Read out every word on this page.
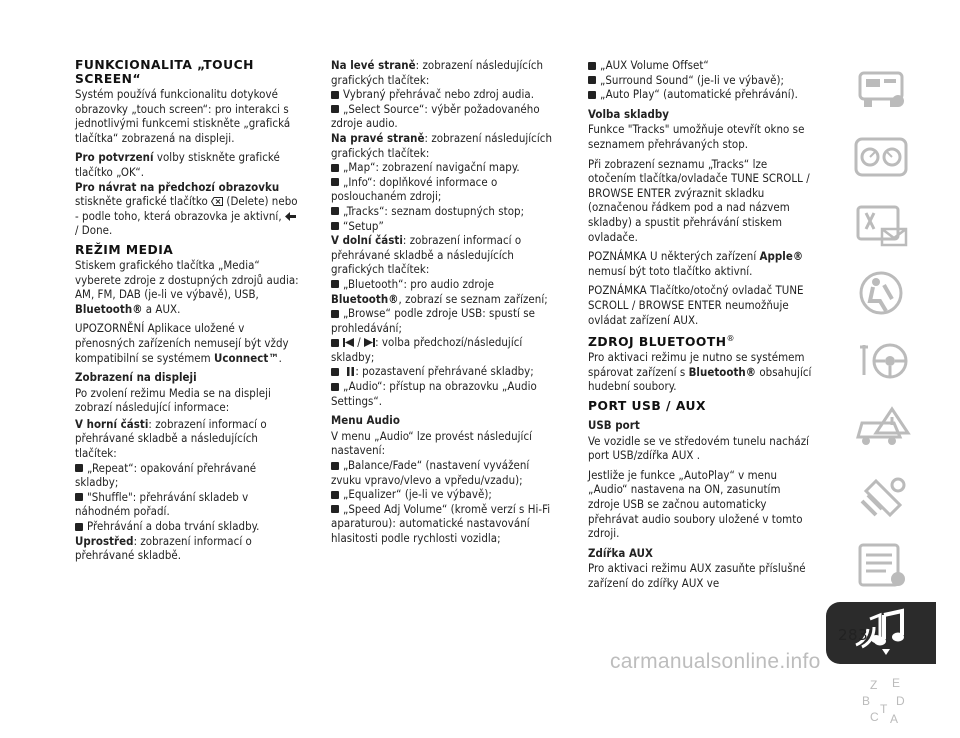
FUNKCIONALITA „TOUCH SCREEN“

Systém používá funkcionalitu dotykové obrazovky „touch screen“: pro interakci s jednotlivými funkcemi stiskněte „grafická tlačítka“ zobrazená na displeji.

Pro potvrzení volby stiskněte grafické tlačítko „OK“.

Pro návrat na předchozí obrazovku

stiskněte grafické tlačítko  (Delete) nebo - podle toho, která obrazovka je aktivní,  / Done.

REŽIM MEDIA

Stiskem grafického tlačítka „Media“ vyberete zdroje z dostupných zdrojů audia: AM, FM, DAB (je-li ve výbavě), USB, Bluetooth® a AUX.

UPOZORNĚNÍ Aplikace uložené v přenosných zařízeních nemusejí být vždy kompatibilní se systémem Uconnect™.

Zobrazení na displeji

Po zvolení režimu Media se na displeji zobrazí následující informace:

V horní části: zobrazení informací o přehrávané skladbě a následujících tlačítek:
„Repeat“: opakování přehrávané skladby;
"Shuffle": přehrávání skladeb v náhodném pořadí.
Přehrávání a doba trvání skladby.
Uprostřed: zobrazení informací o přehrávané skladbě.
Na levé straně: zobrazení následujících grafických tlačítek:
Vybraný přehrávač nebo zdroj audia.
„Select Source“: výběr požadovaného zdroje audio.
Na pravé straně: zobrazení následujících grafických tlačítek:
„Map“: zobrazení navigační mapy.
„Info“: doplňkové informace o poslouchaném zdroji;
„Tracks“: seznam dostupných stop;
“Setup”
V dolní části: zobrazení informací o přehrávané skladbě a následujících grafických tlačítek:
„Bluetooth“: pro audio zdroje
Bluetooth®, zobrazí se seznam zařízení;
„Browse“ podle zdroje USB: spustí se prohledávání;
/ : volba předchozí/následující skladby;
: pozastavení přehrávané skladby;
„Audio“: přístup na obrazovku „Audio Settings“.
Menu Audio
V menu „Audio“ lze provést následující nastavení:
„Balance/Fade“ (nastavení vyvážení zvuku vpravo/vlevo a vpředu/vzadu);
„Equalizer“ (je-li ve výbavě);
„Speed Adj Volume“ (kromě verzí s Hi-Fi aparaturou): automatické nastavování hlasitosti podle rychlosti vozidla;
„AUX Volume Offset“
„Surround Sound“ (je-li ve výbavě);
„Auto Play“ (automatické přehrávání).
Volba skladby

Funkce "Tracks" umožňuje otevřít okno se seznamem přehrávaných stop.

Při zobrazení seznamu „Tracks“ lze otočením tlačítka/ovladače TUNE SCROLL / BROWSE ENTER zvýraznit skladku (označenou řádkem pod a nad názvem skladby) a spustit přehrávání stiskem ovladače.

POZNÁMKA U některých zařízení Apple® nemusí být toto tlačítko aktivní.

POZNÁMKA Tlačítko/otočný ovladač TUNE SCROLL / BROWSE ENTER neumožňuje ovládat zařízení AUX.

ZDROJ BLUETOOTH®

Pro aktivaci režimu je nutno se systémem spárovat zařízení s Bluetooth® obsahující hudební soubory.

PORT USB / AUX
USB port

Ve vozidle se ve středovém tunelu nachází port USB/zdířka AUX .

Jestliže je funkce „AutoPlay“ v menu „Audio“ nastavena na ON, zasunutím zdroje USB se začnou automaticky přehrávat audio soubory uložené v tomto zdroji.

Zdířka AUX

Pro aktivaci režimu AUX zasuňte příslušné zařízení do zdířky AUX ve

Z E
B D
C
T
A
283
carmanualsonline.info
